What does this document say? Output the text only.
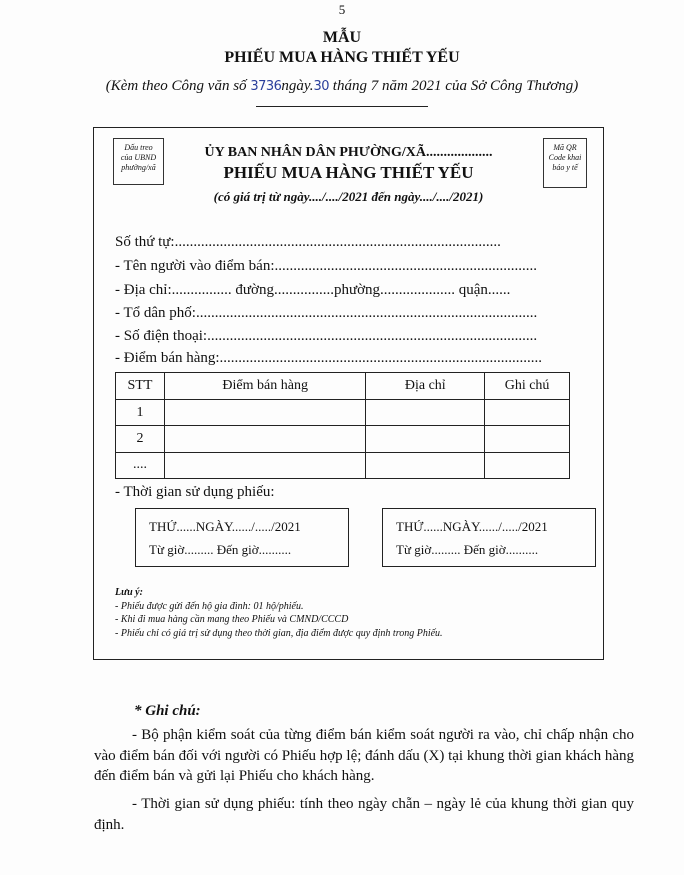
5
MẪU
PHIẾU MUA HÀNG THIẾT YẾU
(Kèm theo Công văn số 3736ngày.30 tháng 7 năm 2021 của Sở Công Thương)
Dấu treo
của UBND
phường/xã
Mã QR
Code khai
báo y tế
ỦY BAN NHÂN DÂN PHƯỜNG/XÃ...................
PHIẾU MUA HÀNG THIẾT YẾU
(có giá trị từ ngày..../..../2021 đến ngày..../..../2021)
Số thứ tự:.......................................................................................
- Tên người vào điểm bán:......................................................................
- Địa chỉ:................ đường................phường.................... quận......
- Tổ dân phố:...........................................................................................
- Số điện thoại:........................................................................................
- Điểm bán hàng:......................................................................................
STT	Điểm bán hàng	Địa chỉ	Ghi chú
1			
2			
....			
- Thời gian sử dụng phiếu:
THỨ......NGÀY....../...../2021
Từ giờ......... Đến giờ..........
THỨ......NGÀY....../...../2021
Từ giờ......... Đến giờ..........
Lưu ý:
- Phiếu được gửi đến hộ gia đình: 01 hộ/phiếu.
- Khi đi mua hàng cần mang theo Phiếu và CMND/CCCD
- Phiếu chỉ có giá trị sử dụng theo thời gian, địa điểm được quy định trong Phiếu.
* Ghi chú:
- Bộ phận kiểm soát của từng điểm bán kiểm soát người ra vào, chỉ chấp nhận cho vào điểm bán đối với người có Phiếu hợp lệ; đánh dấu (X) tại khung thời gian khách hàng đến điểm bán và gửi lại Phiếu cho khách hàng.
- Thời gian sử dụng phiếu: tính theo ngày chẵn – ngày lẻ của khung thời gian quy định.
